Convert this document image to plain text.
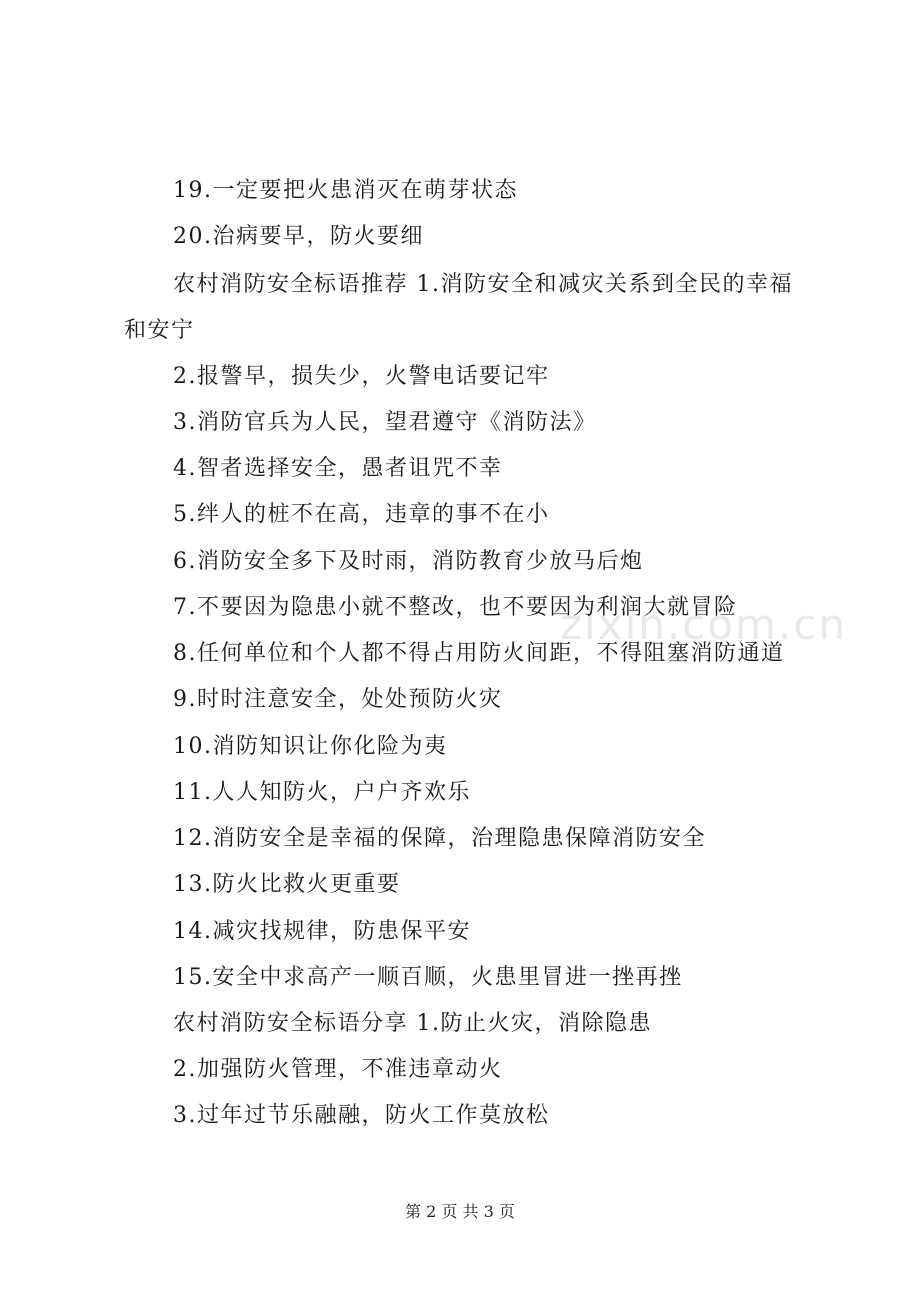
zixin.com.cn
19.一定要把火患消灭在萌芽状态
20.治病要早，防火要细
农村消防安全标语推荐 1.消防安全和减灾关系到全民的幸福和安宁
2.报警早，损失少，火警电话要记牢
3.消防官兵为人民，望君遵守《消防法》
4.智者选择安全，愚者诅咒不幸
5.绊人的桩不在高，违章的事不在小
6.消防安全多下及时雨，消防教育少放马后炮
7.不要因为隐患小就不整改，也不要因为利润大就冒险
8.任何单位和个人都不得占用防火间距，不得阻塞消防通道
9.时时注意安全，处处预防火灾
10.消防知识让你化险为夷
11.人人知防火，户户齐欢乐
12.消防安全是幸福的保障，治理隐患保障消防安全
13.防火比救火更重要
14.减灾找规律，防患保平安
15.安全中求高产一顺百顺，火患里冒进一挫再挫
农村消防安全标语分享 1.防止火灾，消除隐患
2.加强防火管理，不准违章动火
3.过年过节乐融融，防火工作莫放松
第 2 页 共 3 页
